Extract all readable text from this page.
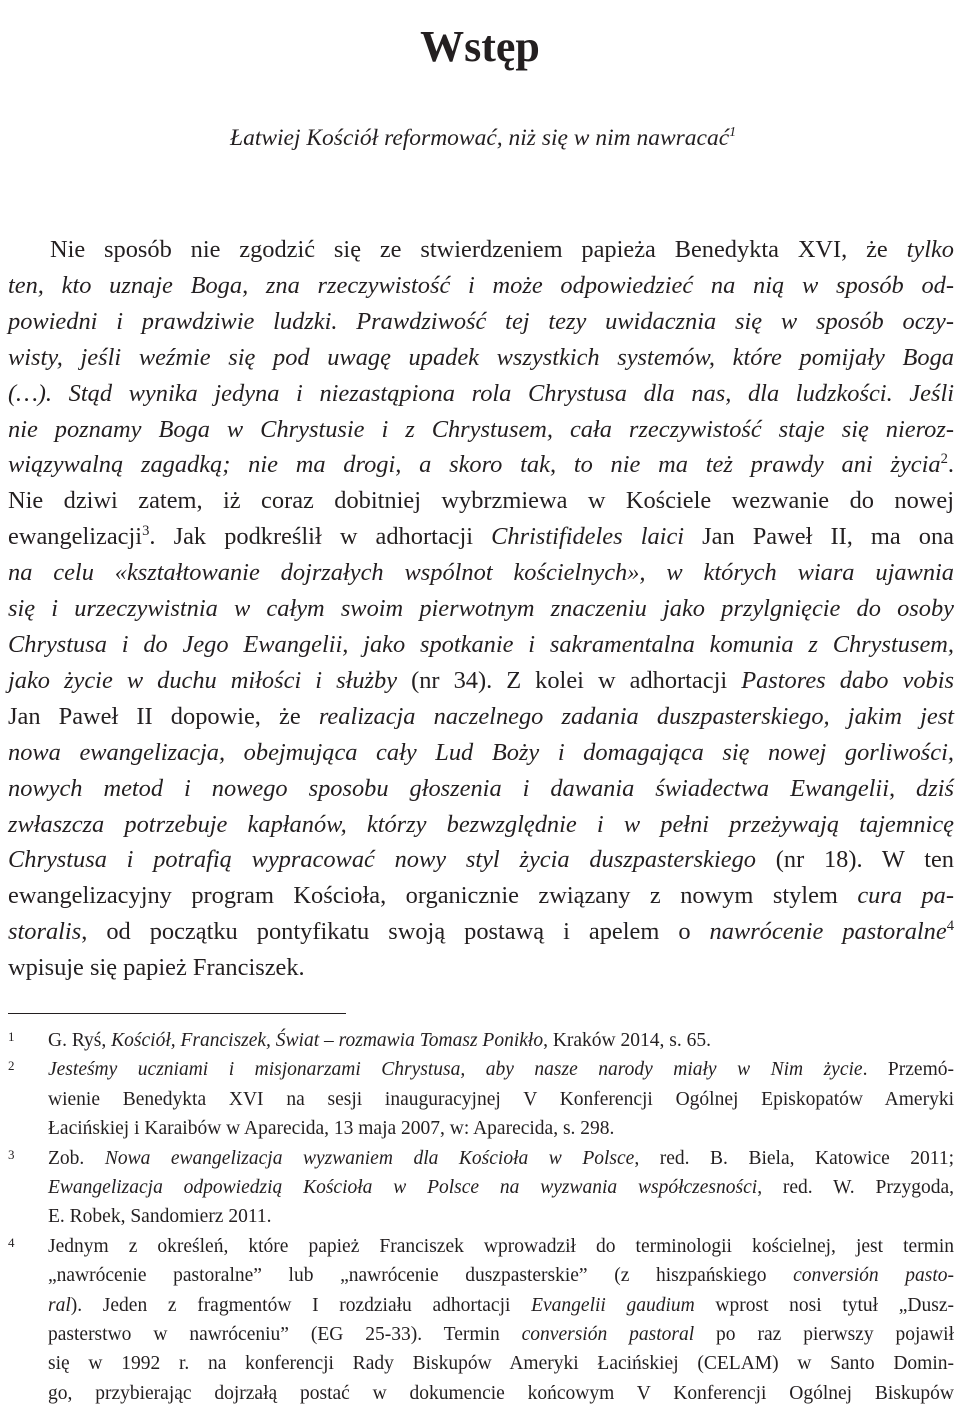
Wstęp
Łatwiej Kościół reformować, niż się w nim nawracać$^1$
Nie sposób nie zgodzić się ze stwierdzeniem papieża Benedykta XVI, że tylko
ten, kto uznaje Boga, zna rzeczywistość i może odpowiedzieć na nią w sposób od-
powiedni i prawdziwie ludzki. Prawdziwość tej tezy uwidacznia się w sposób oczy-
wisty, jeśli weźmie się pod uwagę upadek wszystkich systemów, które pomijały Boga
(…). Stąd wynika jedyna i niezastąpiona rola Chrystusa dla nas, dla ludzkości. Jeśli
nie poznamy Boga w Chrystusie i z Chrystusem, cała rzeczywistość staje się nieroz-
wiązywalną zagadką; nie ma drogi, a skoro tak, to nie ma też prawdy ani życia$^2$.
Nie dziwi zatem, iż coraz dobitniej wybrzmiewa w Kościele wezwanie do nowej
ewangelizacji$^3$. Jak podkreślił w adhortacji Christifideles laici Jan Paweł II, ma ona
na celu «kształtowanie dojrzałych wspólnot kościelnych», w których wiara ujawnia
się i urzeczywistnia w całym swoim pierwotnym znaczeniu jako przylgnięcie do osoby
Chrystusa i do Jego Ewangelii, jako spotkanie i sakramentalna komunia z Chrystusem,
jako życie w duchu miłości i służby (nr 34). Z kolei w adhortacji Pastores dabo vobis
Jan Paweł II dopowie, że realizacja naczelnego zadania duszpasterskiego, jakim jest
nowa ewangelizacja, obejmująca cały Lud Boży i domagająca się nowej gorliwości,
nowych metod i nowego sposobu głoszenia i dawania świadectwa Ewangelii, dziś
zwłaszcza potrzebuje kapłanów, którzy bezwzględnie i w pełni przeżywają tajemnicę
Chrystusa i potrafią wypracować nowy styl życia duszpasterskiego (nr 18). W ten
ewangelizacyjny program Kościoła, organicznie związany z nowym stylem cura pa-
storalis, od początku pontyfikatu swoją postawą i apelem o nawrócenie pastoralne$^4$
wpisuje się papież Franciszek.
1 G. Ryś, Kościół, Franciszek, Świat – rozmawia Tomasz Ponikło, Kraków 2014, s. 65.
2 Jesteśmy uczniami i misjonarzami Chrystusa, aby nasze narody miały w Nim życie. Przemó-
wienie Benedykta XVI na sesji inauguracyjnej V Konferencji Ogólnej Episkopatów Ameryki
Łacińskiej i Karaibów w Aparecida, 13 maja 2007, w: Aparecida, s. 298.
3 Zob. Nowa ewangelizacja wyzwaniem dla Kościoła w Polsce, red. B. Biela, Katowice 2011;
Ewangelizacja odpowiedzią Kościoła w Polsce na wyzwania współczesności, red. W. Przygoda,
E. Robek, Sandomierz 2011.
4 Jednym z określeń, które papież Franciszek wprowadził do terminologii kościelnej, jest termin
„nawrócenie pastoralne” lub „nawrócenie duszpasterskie” (z hiszpańskiego conversión pasto-
ral). Jeden z fragmentów I rozdziału adhortacji Evangelii gaudium wprost nosi tytuł „Dusz-
pasterstwo w nawróceniu” (EG 25-33). Termin conversión pastoral po raz pierwszy pojawił
się w 1992 r. na konferencji Rady Biskupów Ameryki Łacińskiej (CELAM) w Santo Domin-
go, przybierając dojrzałą postać w dokumencie końcowym V Konferencji Ogólnej Biskupów
